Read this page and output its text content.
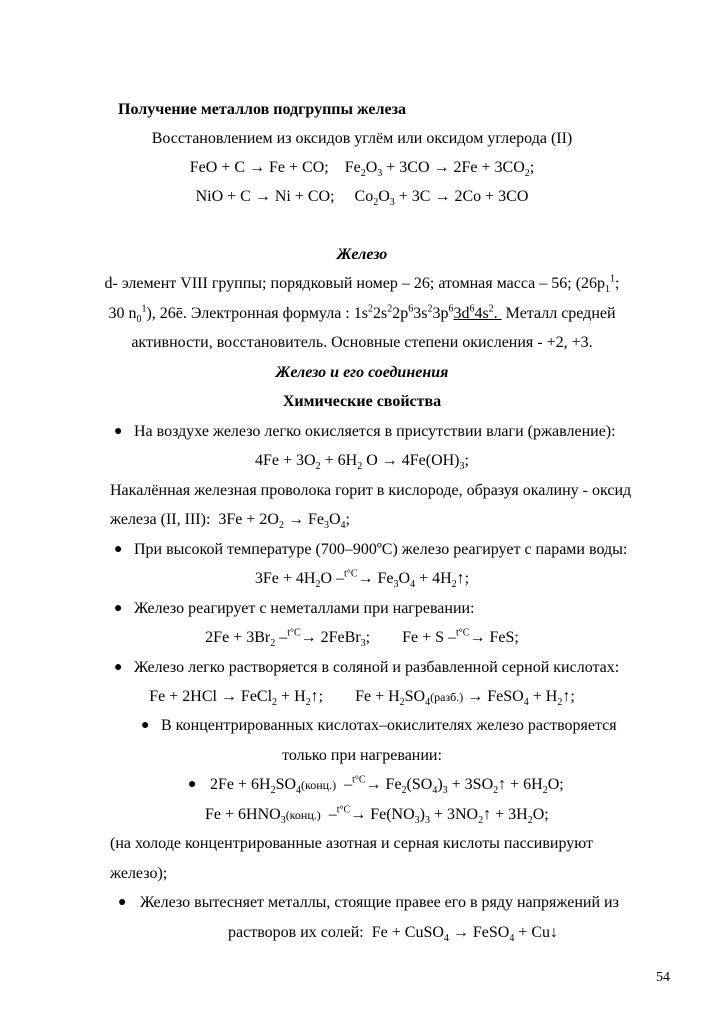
Получение металлов подгруппы железа
Восстановлением из оксидов углём или оксидом углерода (II)
FeO + C → Fe + CO;    $Fe_2O_3 + 3CO \to 2Fe + 3CO_2$;
NiO + C → Ni + CO;     $Co_2O_3 + 3C \to 2Co + 3CO$
Железо
d- элемент VIII группы; порядковый номер – 26; атомная масса – 56; ($26p_1^1$;
30 $n_0^1$), 26ē. Электронная формула : $1s^22s^22p^63s^23p^63d^64s^2$.  Металл средней
активности, восстановитель. Основные степени окисления - +2, +3.
Железо и его соединения
Химические свойства
● На воздухе железо легко окисляется в присутствии влаги (ржавление):
$4Fe + 3O_2 + 6H_2$ $O \to 4Fe(OH)_3$;
Накалённая железная проволока горит в кислороде, образуя окалину - оксид
железа (II, III):  $3Fe + 2O_2 \to Fe_3O_4$;
● При высокой температуре (700–900ºС) железо реагирует с парами воды:
$3Fe + 4H_2O$ $-^{t^\circ C}\to Fe_3O_4$ + $4H_2↑$;
● Железо реагирует с неметаллами при нагревании:
$2Fe + 3Br_2$ –$^{t^\circ C}$→ 2FeBr$_3$;        Fe + S –$^{t^\circ C}$→ FeS;
● Железо легко растворяется в соляной и разбавленной серной кислотах:
Fe + 2HCl → FeCl$_2$ + $H_2↑$;        $Fe + H_2SO_4(разб.)$ → FeSO$_4$ + $H_2↑$;
● В концентрированных кислотах–окислителях железо растворяется
только при нагревании:
● $2Fe + 6H_2SO_4(конц.)$  $-^{t^\circ C}\to Fe_2(SO_4)_3$ + $3SO_2↑ + 6H_2O$;
$Fe + 6HNO_3(конц.)$  $-^{t^\circ C}\to Fe(NO_3)_3$ + $3NO_2↑ + 3H_2O$;
(на холоде концентрированные азотная и серная кислоты пассивируют
железо);
● Железо вытесняет металлы, стоящие правее его в ряду напряжений из
растворов их солей:  Fe + CuSO$_4$ → FeSO$_4$ + Cu↓
54
